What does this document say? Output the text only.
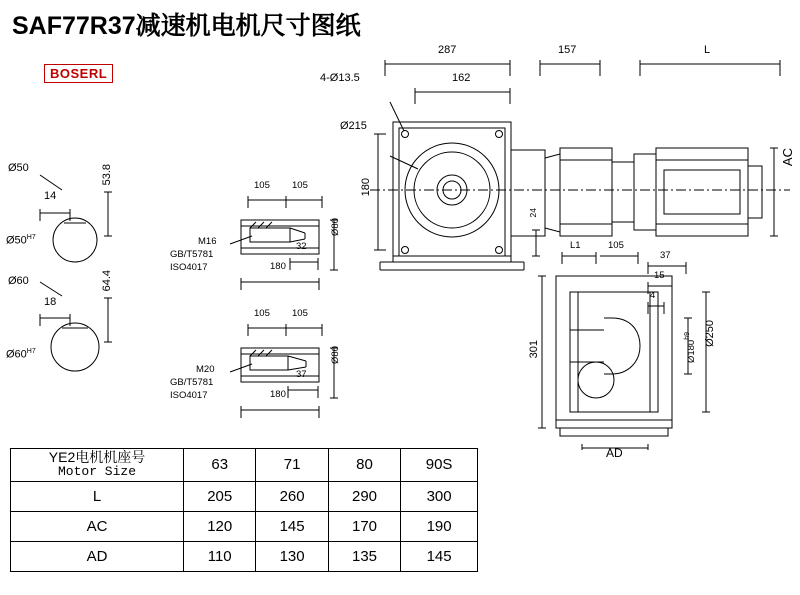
SAF77R37减速机电机尺寸图纸
BOSERL
287
162
157	L
4-Ø13.5
Ø215
180
24
AC
Ø50
14
53.8
$Ø50^{H7}$
Ø60
18
64.4
$Ø60^{H7}$
105 105
32
180
Ø80
M16
GB/T5781
ISO4017
105 105
37
180
Ø80
M20
GB/T5781
ISO4017
L1	105
37
15
4
301	$Ø180^{h9}$	Ø250
AD
YE2电机机座号
Motor Size	63	71	80	90S
L	205	260	290	300
AC	120	145	170	190
AD	110	130	135	145
